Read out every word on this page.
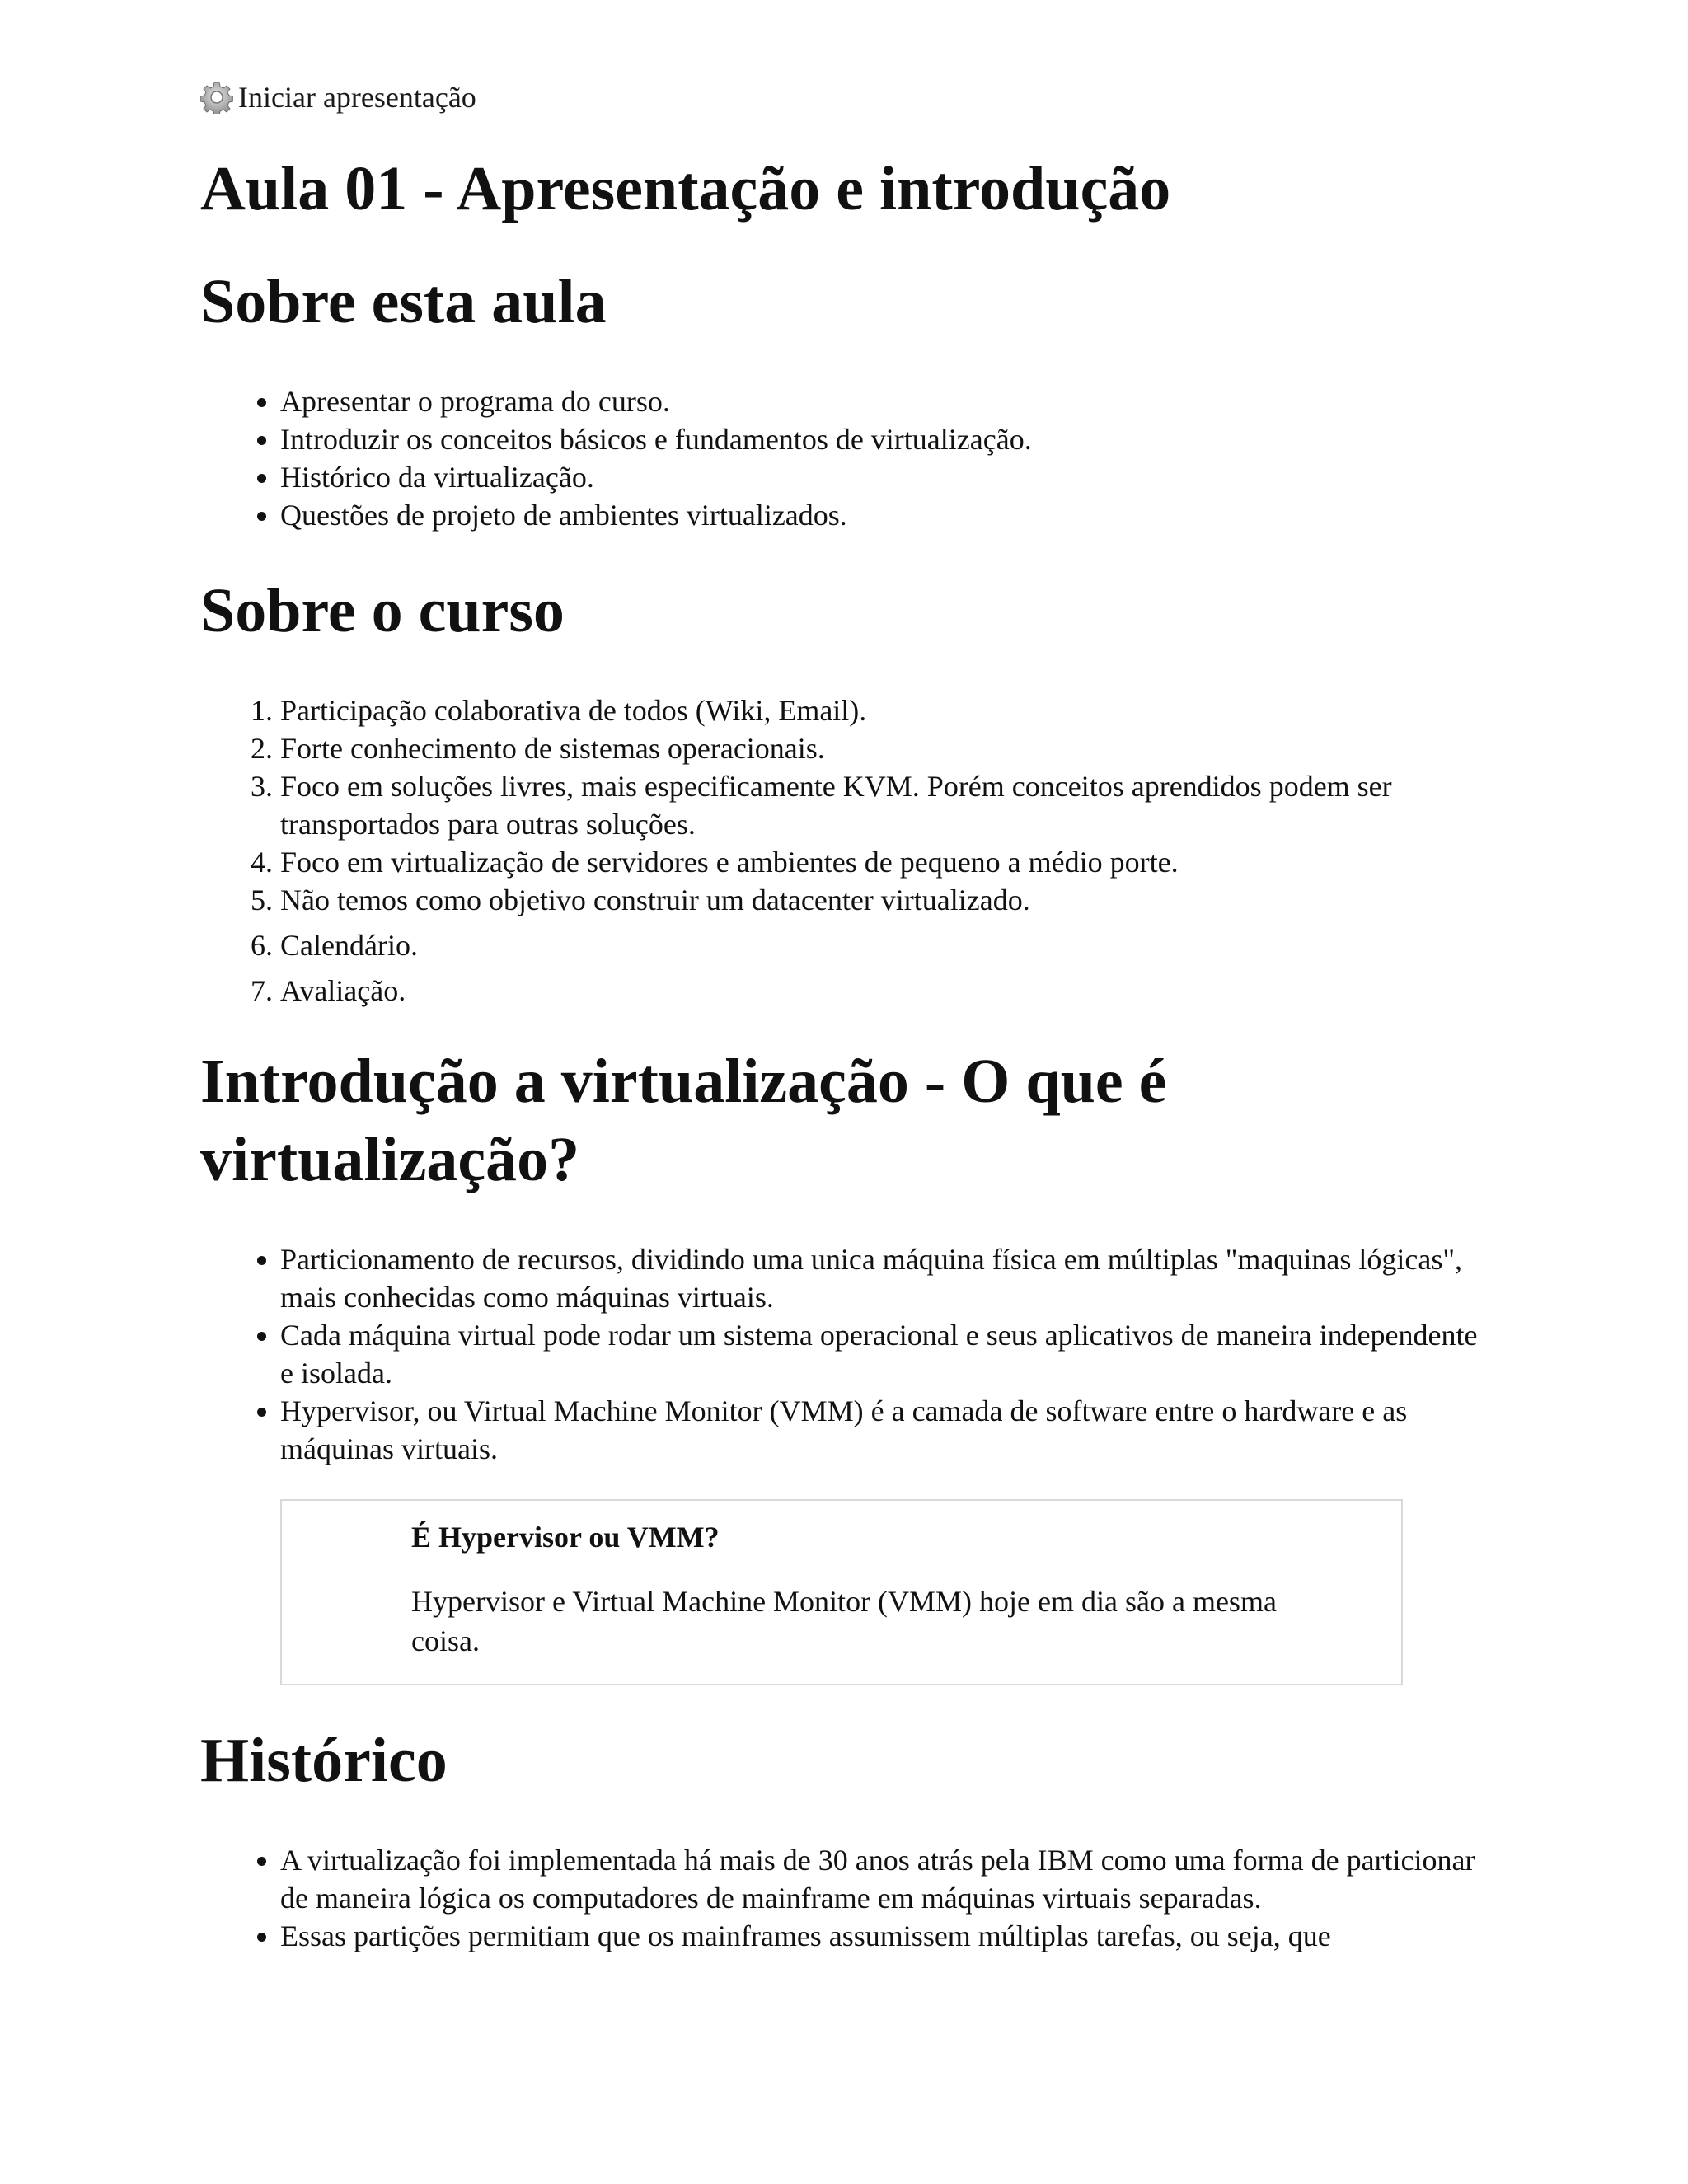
Iniciar apresentação
Aula 01 - Apresentação e introdução
Sobre esta aula
• Apresentar o programa do curso.
• Introduzir os conceitos básicos e fundamentos de virtualização.
• Histórico da virtualização.
• Questões de projeto de ambientes virtualizados.
Sobre o curso
1. Participação colaborativa de todos (Wiki, Email).
2. Forte conhecimento de sistemas operacionais.
3. Foco em soluções livres, mais especificamente KVM. Porém conceitos aprendidos podem ser transportados para outras soluções.
4. Foco em virtualização de servidores e ambientes de pequeno a médio porte.
5. Não temos como objetivo construir um datacenter virtualizado.
6. Calendário.
7. Avaliação.
Introdução a virtualização - O que é virtualização?
• Particionamento de recursos, dividindo uma unica máquina física em múltiplas "maquinas lógicas", mais conhecidas como máquinas virtuais.
• Cada máquina virtual pode rodar um sistema operacional e seus aplicativos de maneira independente e isolada.
• Hypervisor, ou Virtual Machine Monitor (VMM) é a camada de software entre o hardware e as máquinas virtuais.

É Hypervisor ou VMM?

Hypervisor e Virtual Machine Monitor (VMM) hoje em dia são a mesma coisa.

Histórico
• A virtualização foi implementada há mais de 30 anos atrás pela IBM como uma forma de particionar de maneira lógica os computadores de mainframe em máquinas virtuais separadas.
• Essas partições permitiam que os mainframes assumissem múltiplas tarefas, ou seja, que
